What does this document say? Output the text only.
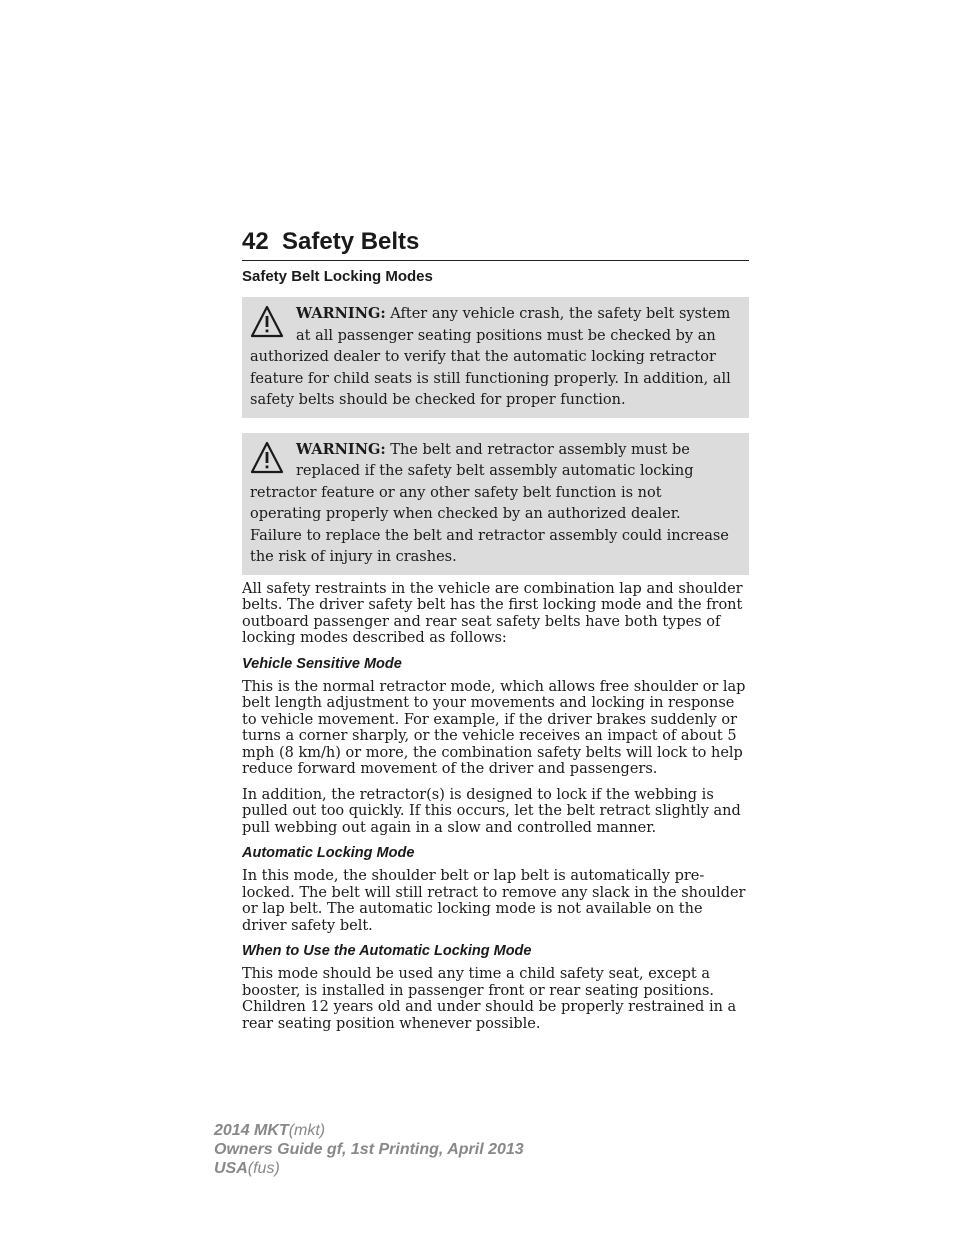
42 Safety Belts
Safety Belt Locking Modes
WARNING: After any vehicle crash, the safety belt system at all passenger seating positions must be checked by an authorized dealer to verify that the automatic locking retractor feature for child seats is still functioning properly. In addition, all safety belts should be checked for proper function.
WARNING: The belt and retractor assembly must be replaced if the safety belt assembly automatic locking retractor feature or any other safety belt function is not operating properly when checked by an authorized dealer. Failure to replace the belt and retractor assembly could increase the risk of injury in crashes.

All safety restraints in the vehicle are combination lap and shoulder belts. The driver safety belt has the first locking mode and the front outboard passenger and rear seat safety belts have both types of locking modes described as follows:

Vehicle Sensitive Mode

This is the normal retractor mode, which allows free shoulder or lap belt length adjustment to your movements and locking in response to vehicle movement. For example, if the driver brakes suddenly or turns a corner sharply, or the vehicle receives an impact of about 5 mph (8 km/h) or more, the combination safety belts will lock to help reduce forward movement of the driver and passengers.

In addition, the retractor(s) is designed to lock if the webbing is pulled out too quickly. If this occurs, let the belt retract slightly and pull webbing out again in a slow and controlled manner.

Automatic Locking Mode

In this mode, the shoulder belt or lap belt is automatically pre-locked. The belt will still retract to remove any slack in the shoulder or lap belt. The automatic locking mode is not available on the driver safety belt.

When to Use the Automatic Locking Mode

This mode should be used any time a child safety seat, except a booster, is installed in passenger front or rear seating positions. Children 12 years old and under should be properly restrained in a rear seating position whenever possible.

2014 MKT(mkt)
Owners Guide gf, 1st Printing, April 2013
USA(fus)
